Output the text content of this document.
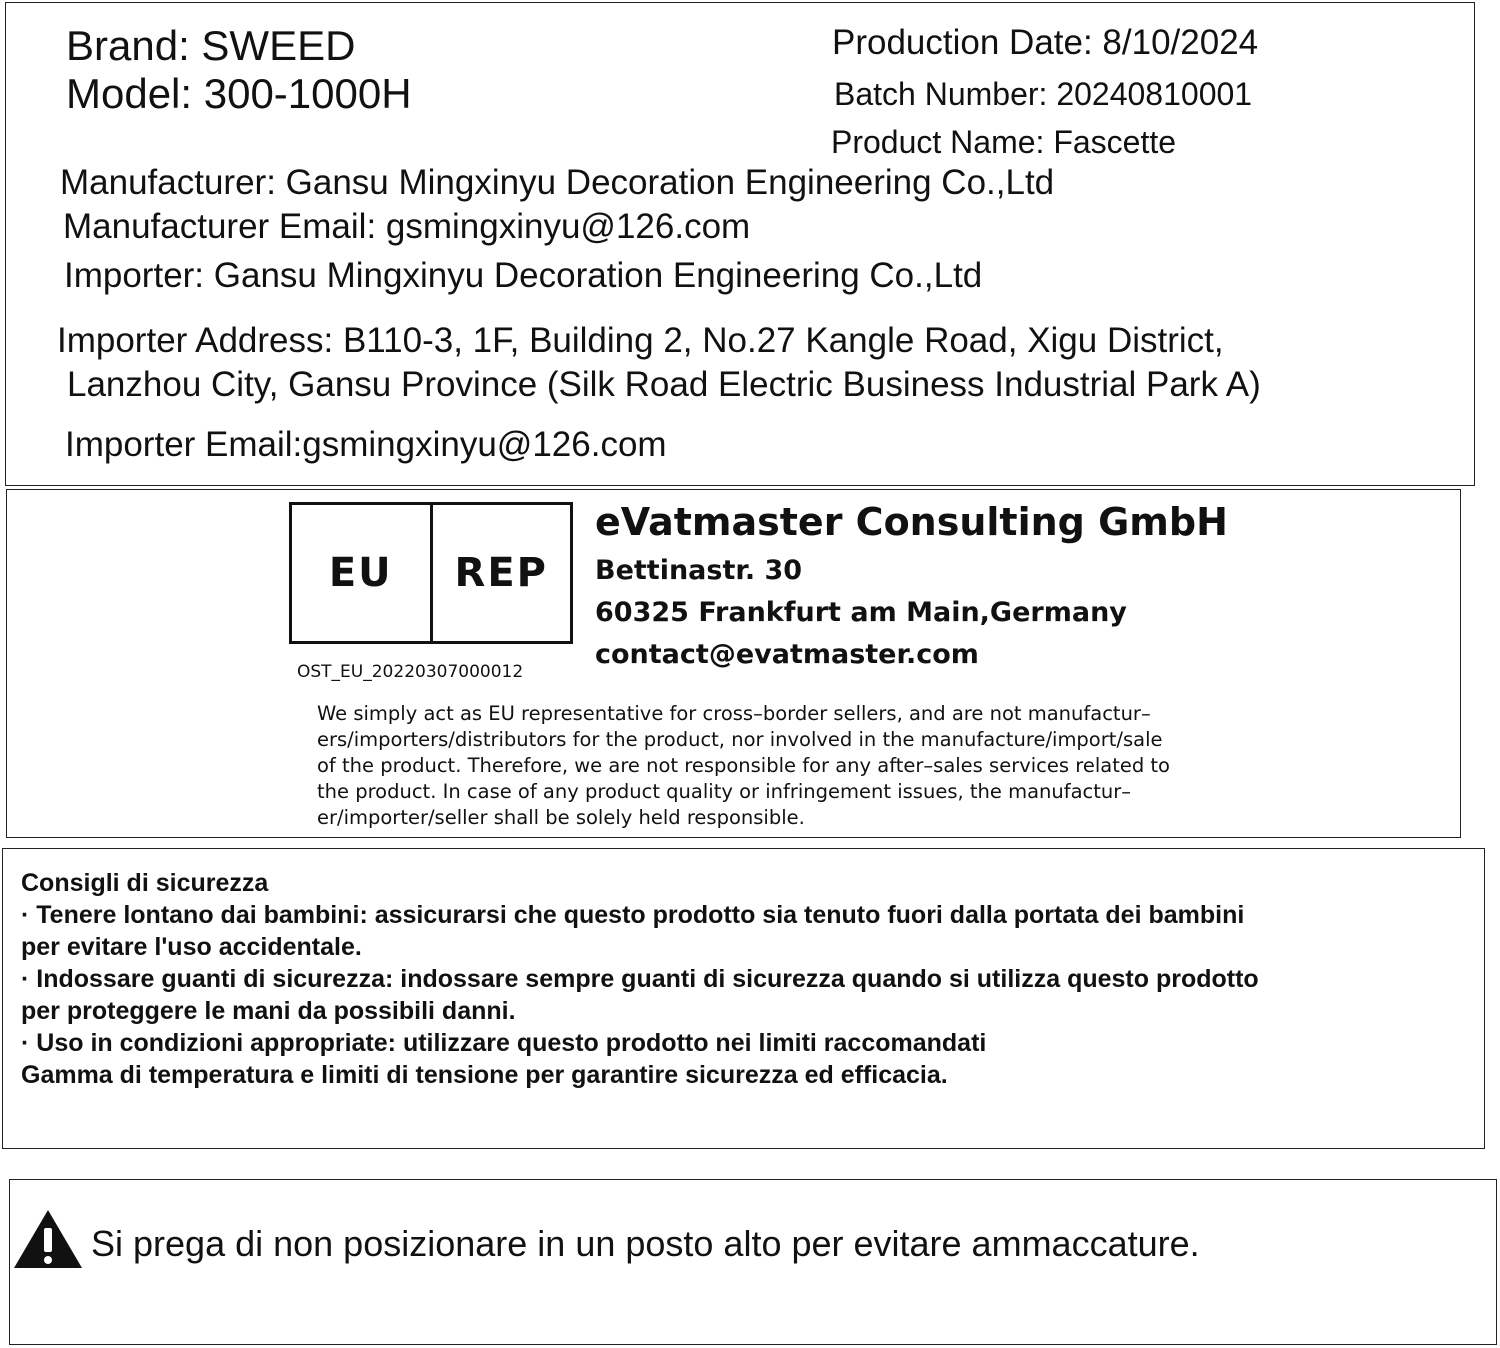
Brand: SWEED
Model: 300-1000H
Production Date: 8/10/2024
Batch Number: 20240810001
Product Name: Fascette
Manufacturer: Gansu Mingxinyu Decoration Engineering Co.,Ltd
Manufacturer Email: gsmingxinyu@126.com
Importer: Gansu Mingxinyu Decoration Engineering Co.,Ltd
Importer Address: B110-3, 1F, Building 2, No.27 Kangle Road, Xigu District,
Lanzhou City, Gansu Province (Silk Road Electric Business Industrial Park A)
Importer Email:gsmingxinyu@126.com
EU	REP
OST_EU_20220307000012
eVatmaster Consulting GmbH
Bettinastr. 30
60325 Frankfurt am Main,Germany
contact@evatmaster.com
We simply act as EU representative for cross–border sellers, and are not manufactur–
ers/importers/distributors for the product, nor involved in the manufacture/import/sale
of the product. Therefore, we are not responsible for any after–sales services related to
the product. In case of any product quality or infringement issues, the manufactur–
er/importer/seller shall be solely held responsible.
Consigli di sicurezza
· Tenere lontano dai bambini: assicurarsi che questo prodotto sia tenuto fuori dalla portata dei bambini
per evitare l'uso accidentale.
· Indossare guanti di sicurezza: indossare sempre guanti di sicurezza quando si utilizza questo prodotto
per proteggere le mani da possibili danni.
· Uso in condizioni appropriate: utilizzare questo prodotto nei limiti raccomandati
Gamma di temperatura e limiti di tensione per garantire sicurezza ed efficacia.
Si prega di non posizionare in un posto alto per evitare ammaccature.
